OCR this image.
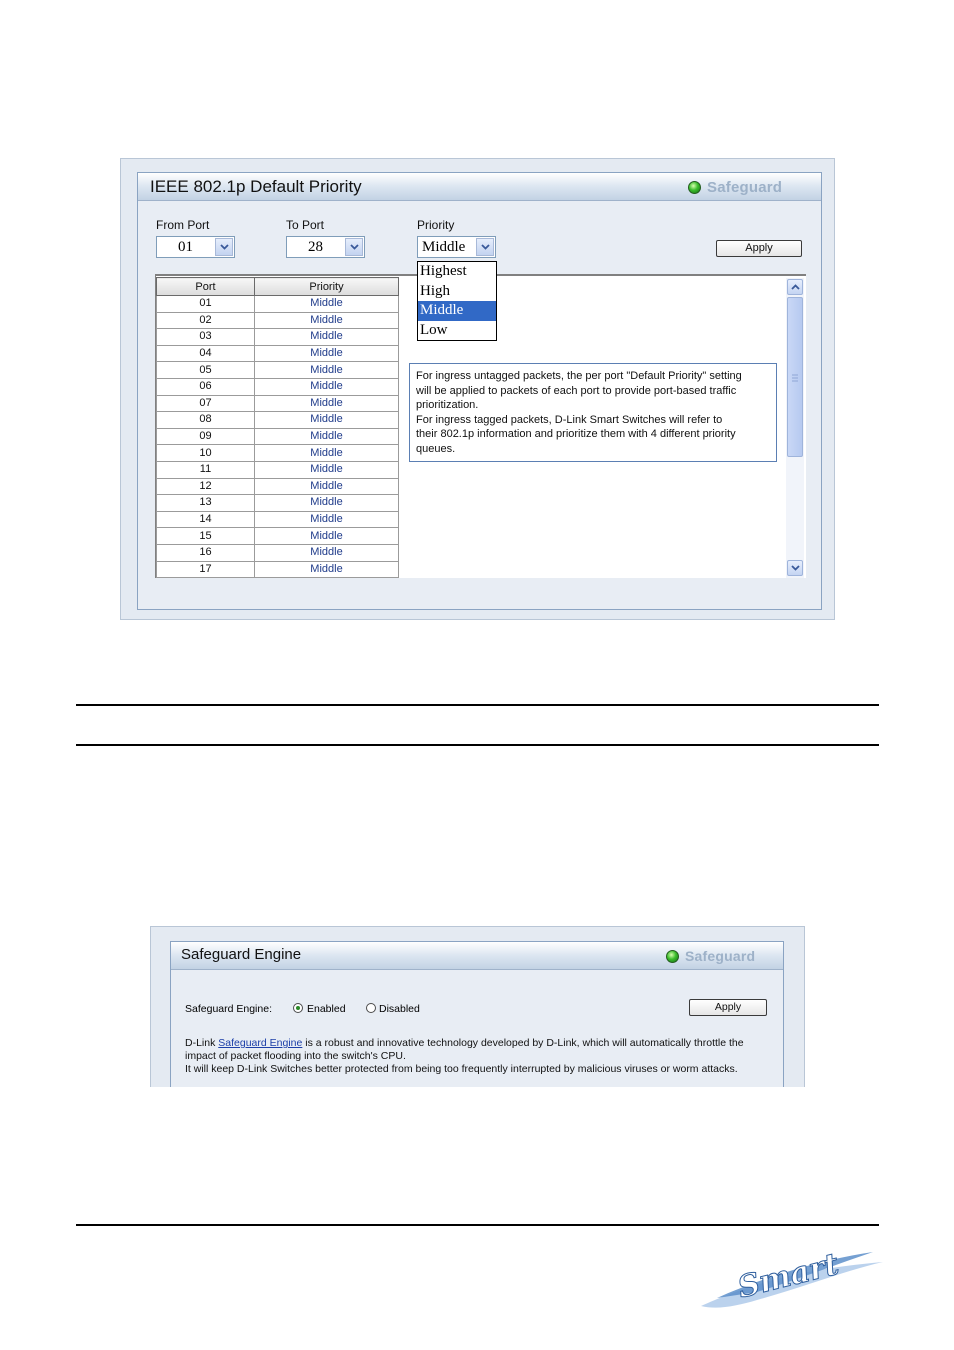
IEEE 802.1p Default Priority	Safeguard
From Port	To Port	Priority
01	28	Middle	Apply
Port	Priority
01	Middle
02	Middle
03	Middle
04	Middle
05	Middle
06	Middle
07	Middle
08	Middle
09	Middle
10	Middle
11	Middle
12	Middle
13	Middle
14	Middle
15	Middle
16	Middle
17	Middle
Highest
High
Middle
Low
For ingress untagged packets, the per port "Default Priority" setting
will be applied to packets of each port to provide port-based traffic
prioritization.
For ingress tagged packets, D-Link Smart Switches will refer to
their 802.1p information and prioritize them with 4 different priority
queues.
Safeguard Engine	Safeguard
Safeguard Engine:	Enabled	Disabled	Apply
D-Link Safeguard Engine is a robust and innovative technology developed by D-Link, which will automatically throttle the
impact of packet flooding into the switch's CPU.
It will keep D-Link Switches better protected from being too frequently interrupted by malicious viruses or worm attacks.
Smart
